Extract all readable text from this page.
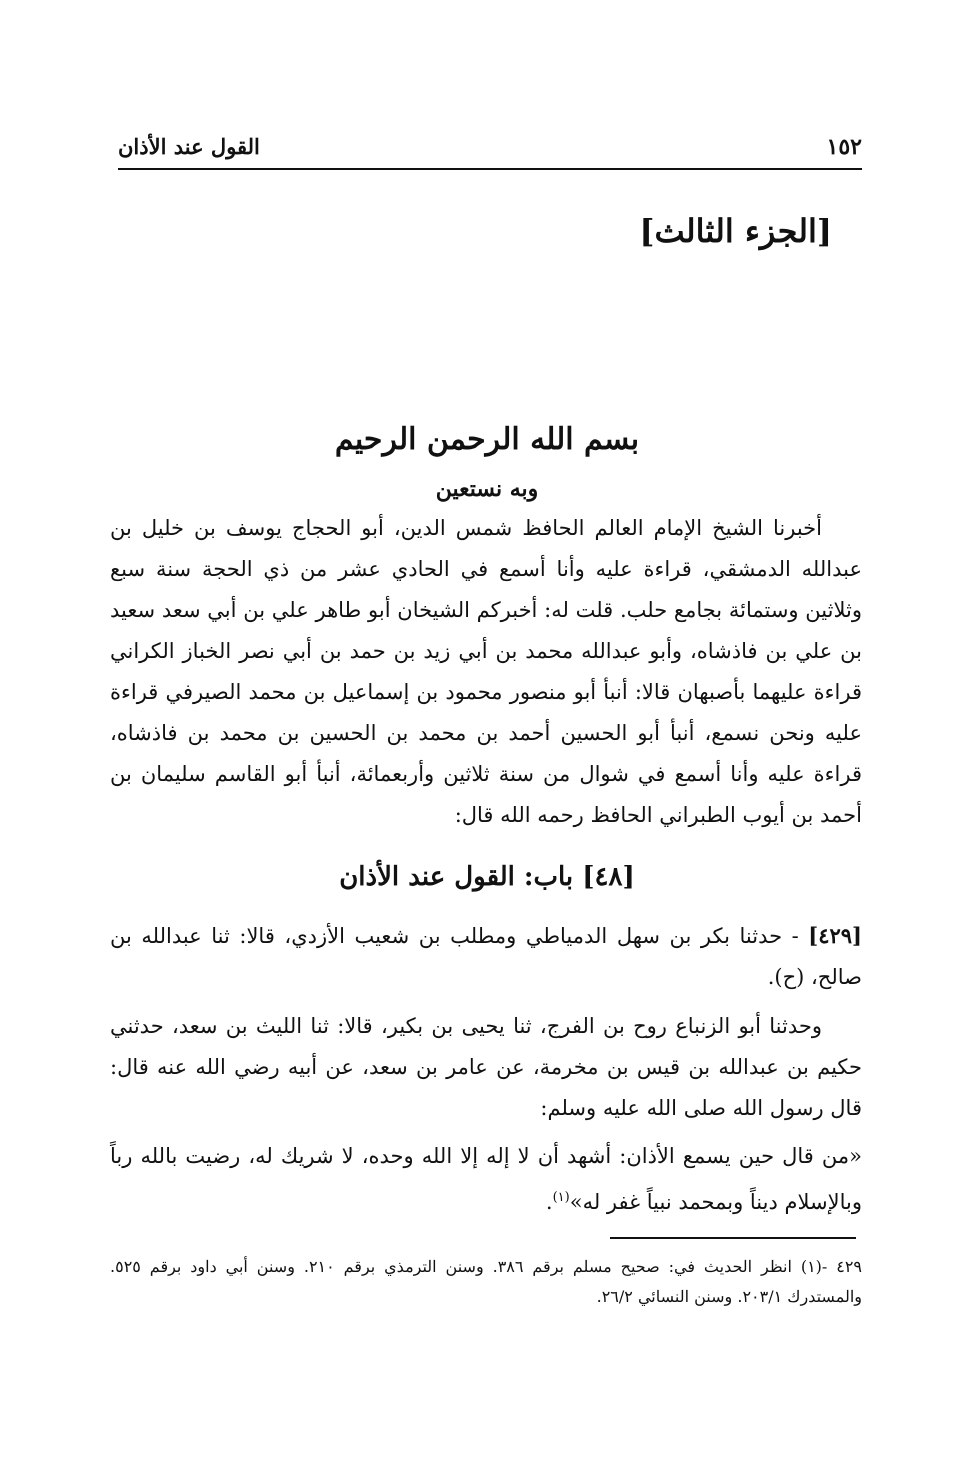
١٥٢
القول عند الأذان
[الجزء الثالث]
بسم الله الرحمن الرحيم
وبه نستعين

أخبرنا الشيخ الإمام العالم الحافظ شمس الدين، أبو الحجاج يوسف بن خليل بن عبدالله الدمشقي، قراءة عليه وأنا أسمع في الحادي عشر من ذي الحجة سنة سبع وثلاثين وستمائة بجامع حلب. قلت له: أخبركم الشيخان أبو طاهر علي بن أبي سعد سعيد بن علي بن فاذشاه، وأبو عبدالله محمد بن أبي زيد بن حمد بن أبي نصر الخباز الكراني قراءة عليهما بأصبهان قالا: أنبأ أبو منصور محمود بن إسماعيل بن محمد الصيرفي قراءة عليه ونحن نسمع، أنبأ أبو الحسين أحمد بن محمد بن الحسين بن محمد بن فاذشاه، قراءة عليه وأنا أسمع في شوال من سنة ثلاثين وأربعمائة، أنبأ أبو القاسم سليمان بن أحمد بن أيوب الطبراني الحافظ رحمه الله قال:

[٤٨] باب: القول عند الأذان

[٤٢٩] - حدثنا بكر بن سهل الدمياطي ومطلب بن شعيب الأزدي، قالا: ثنا عبدالله بن صالح، (ح).

وحدثنا أبو الزنباع روح بن الفرج، ثنا يحيى بن بكير، قالا: ثنا الليث بن سعد، حدثني حكيم بن عبدالله بن قيس بن مخرمة، عن عامر بن سعد، عن أبيه رضي الله عنه قال: قال رسول الله صلى الله عليه وسلم:

«من قال حين يسمع الأذان: أشهد أن لا إله إلا الله وحده، لا شريك له، رضيت بالله رباً وبالإسلام ديناً وبمحمد نبياً غفر له»$^{(١)}$.

٤٢٩ -(١) انظر الحديث في: صحيح مسلم برقم ٣٨٦. وسنن الترمذي برقم ٢١٠. وسنن أبي داود برقم ٥٢٥. والمستدرك ٢٠٣/١. وسنن النسائي ٢٦/٢.
